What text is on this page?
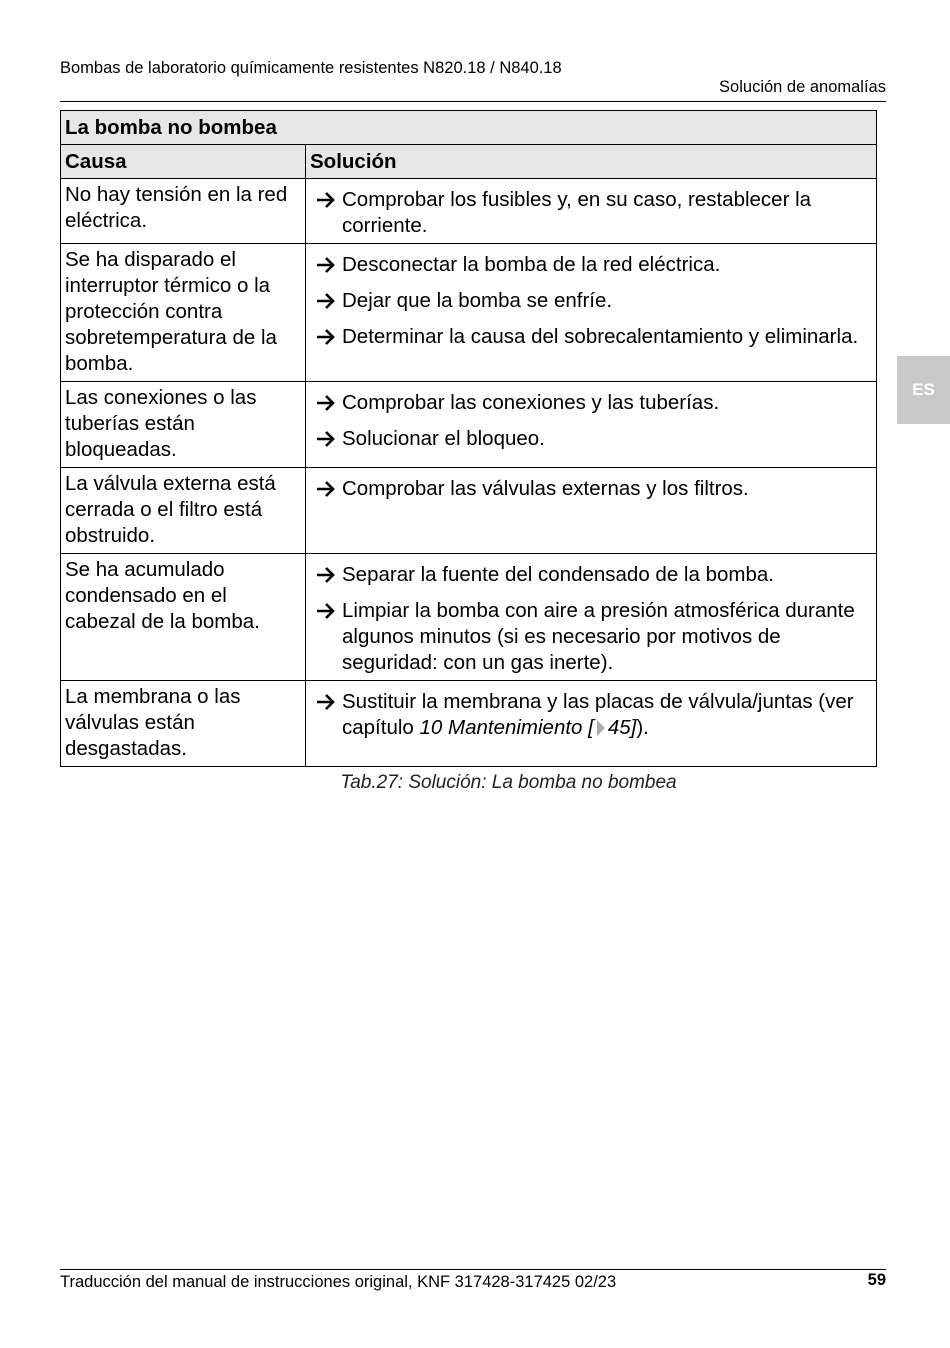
Bombas de laboratorio químicamente resistentes N820.18 / N840.18
Solución de anomalías
ES
La bomba no bombea	
Causa	Solución
No hay tensión en la red eléctrica.	Comprobar los fusibles y, en su caso, restablecer la corriente.

Se ha disparado el interruptor térmico o la protección contra sobretemperatura de la bomba.	Desconectar la bomba de la red eléctrica.
Dejar que la bomba se enfríe.
Determinar la causa del sobrecalentamiento y eliminarla.

Las conexiones o las tuberías están bloqueadas.	Comprobar las conexiones y las tuberías.
Solucionar el bloqueo.

La válvula externa está cerrada o el filtro está obstruido.	Comprobar las válvulas externas y los filtros.

Se ha acumulado condensado en el cabezal de la bomba.	Separar la fuente del condensado de la bomba.
Limpiar la bomba con aire a presión atmosférica durante algunos minutos (si es necesario por motivos de seguridad: con un gas inerte).

La membrana o las válvulas están desgastadas.	Sustituir la membrana y las placas de válvula/juntas (ver capítulo 10 Mantenimiento [ 45]).
Tab.27: Solución: La bomba no bombea
Traducción del manual de instrucciones original, KNF 317428-317425 02/23	59
